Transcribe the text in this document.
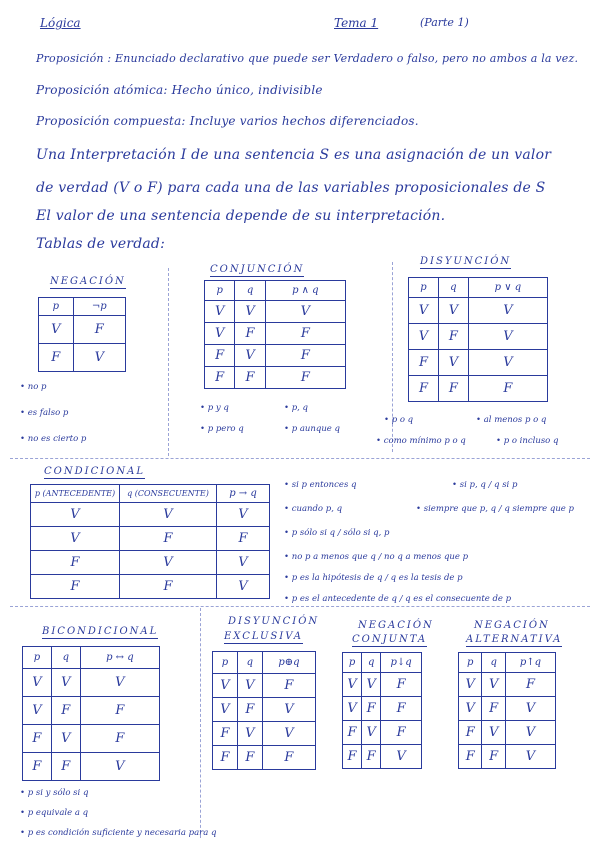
Lógica	Tema 1	(Parte 1)
Proposición : Enunciado declarativo que puede ser Verdadero o falso, pero no ambos a la vez.
Proposición atómica: Hecho único, indivisible
Proposición compuesta: Incluye varios hechos diferenciados.
Una Interpretación I de una sentencia S es una asignación de un valor
de verdad (V o F) para cada una de las variables proposicionales de S
El valor de una sentencia depende de su interpretación.
Tablas de verdad:
NEGACIÓN
p	¬p
V	F
F	V
• no p
• es falso p
• no es cierto p
CONJUNCIÓN
p	q	p ∧ q
V	V	V
V	F	F
F	V	F
F	F	F
• p y q	• p, q
• p pero q	• p aunque q
DISYUNCIÓN
p	q	p ∨ q
V	V	V
V	F	V
F	V	V
F	F	F
• p o q	• al menos p o q
• como mínimo p o q	• p o incluso q
CONDICIONAL
p (ANTECEDENTE)	q (CONSECUENTE)	p → q
V	V	V
V	F	F
F	V	V
F	F	V
• si p entonces q	• si p, q / q si p
• cuando p, q	• siempre que p, q / q siempre que p
• p sólo si q / sólo si q, p
• no p a menos que q / no q a menos que p
• p es la hipótesis de q / q es la tesis de p
• p es el antecedente de q / q es el consecuente de p
BICONDICIONAL
p	q	p ↔ q
V	V	V
V	F	F
F	V	F
F	F	V
• p si y sólo si q
• p equivale a q
• p es condición suficiente y necesaria para q
DISYUNCIÓN
EXCLUSIVA
p	q	p⊕q
V	V	F
V	F	V
F	V	V
F	F	F
NEGACIÓN
CONJUNTA
p	q	p↓q
V	V	F
V	F	F
F	V	F
F	F	V
NEGACIÓN
ALTERNATIVA
p	q	p↑q
V	V	F
V	F	V
F	V	V
F	F	V
